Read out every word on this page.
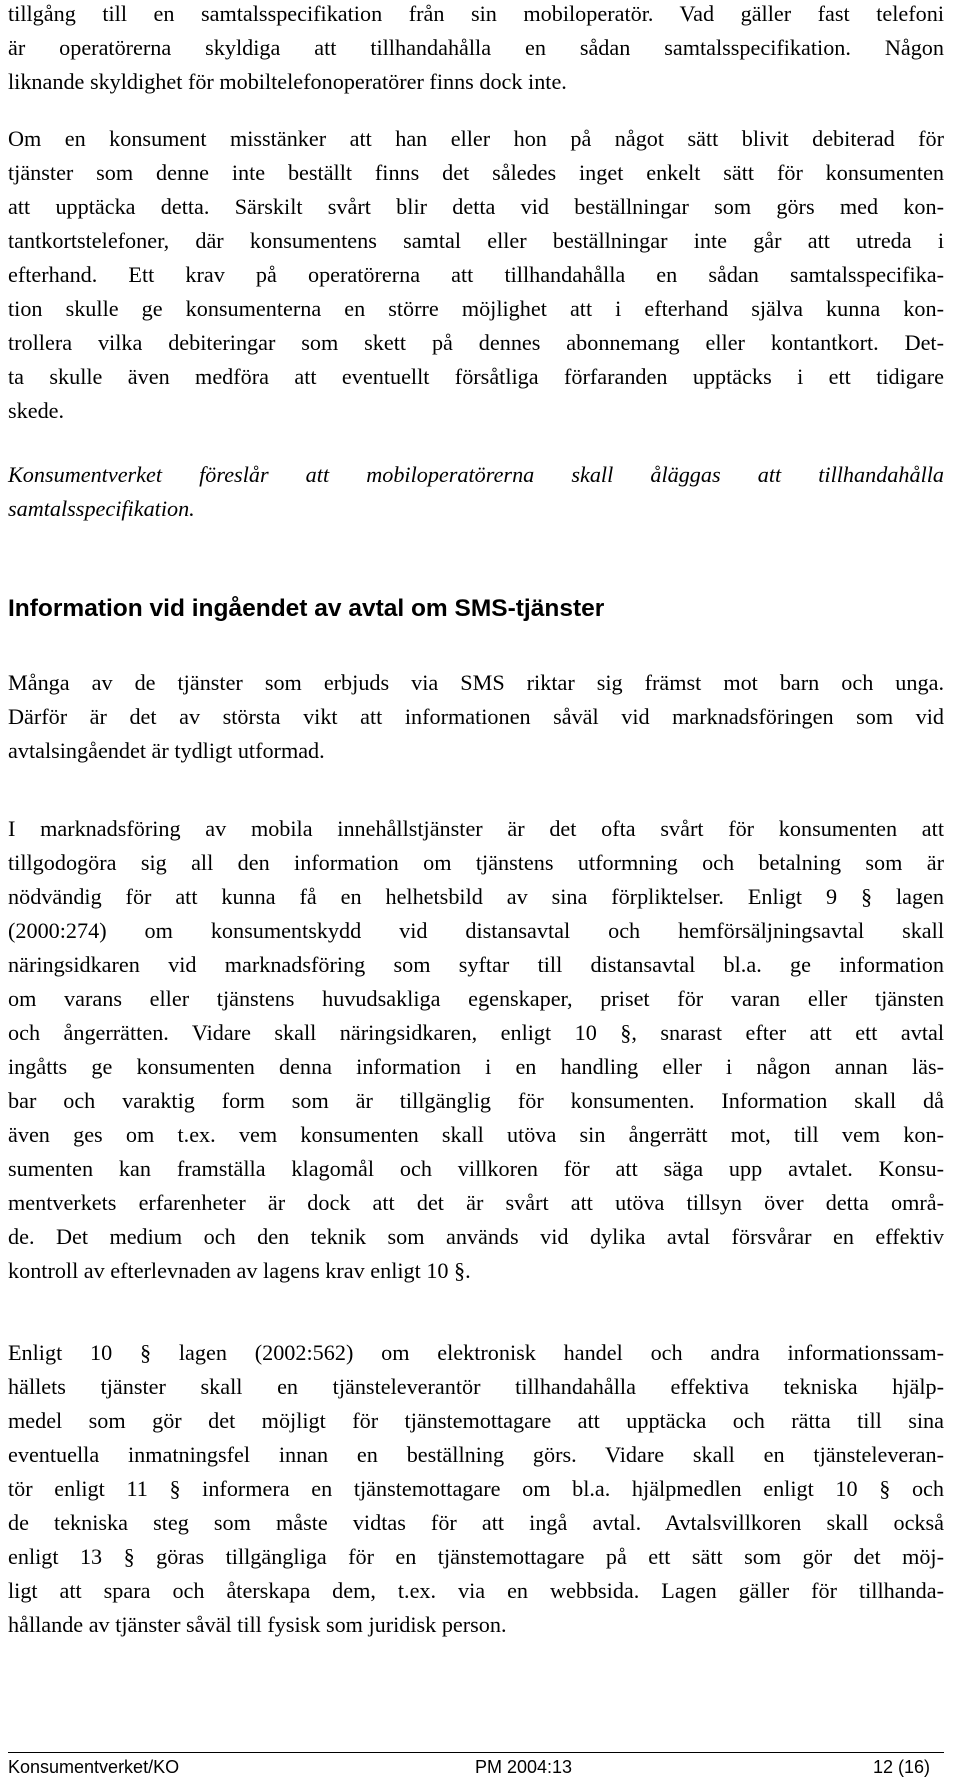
tillgång till en samtalsspecifikation från sin mobiloperatör. Vad gäller fast telefoni
är operatörerna skyldiga att tillhandahålla en sådan samtalsspecifikation. Någon
liknande skyldighet för mobiltelefonoperatörer finns dock inte.
Om en konsument misstänker att han eller hon på något sätt blivit debiterad för
tjänster som denne inte beställt finns det således inget enkelt sätt för konsumenten
att upptäcka detta. Särskilt svårt blir detta vid beställningar som görs med kon-
tantkortstelefoner, där konsumentens samtal eller beställningar inte går att utreda i
efterhand. Ett krav på operatörerna att tillhandahålla en sådan samtalsspecifika-
tion skulle ge konsumenterna en större möjlighet att i efterhand själva kunna kon-
trollera vilka debiteringar som skett på dennes abonnemang eller kontantkort. Det-
ta skulle även medföra att eventuellt försåtliga förfaranden upptäcks i ett tidigare
skede.
Konsumentverket föreslår att mobiloperatörerna skall åläggas att tillhandahålla
samtalsspecifikation.
Information vid ingåendet av avtal om SMS-tjänster
Många av de tjänster som erbjuds via SMS riktar sig främst mot barn och unga.
Därför är det av största vikt att informationen såväl vid marknadsföringen som vid
avtalsingåendet är tydligt utformad.
I marknadsföring av mobila innehållstjänster är det ofta svårt för konsumenten att
tillgodogöra sig all den information om tjänstens utformning och betalning som är
nödvändig för att kunna få en helhetsbild av sina förpliktelser. Enligt 9 § lagen
(2000:274) om konsumentskydd vid distansavtal och hemförsäljningsavtal skall
näringsidkaren vid marknadsföring som syftar till distansavtal bl.a. ge information
om varans eller tjänstens huvudsakliga egenskaper, priset för varan eller tjänsten
och ångerrätten. Vidare skall näringsidkaren, enligt 10 §, snarast efter att ett avtal
ingåtts ge konsumenten denna information i en handling eller i någon annan läs-
bar och varaktig form som är tillgänglig för konsumenten. Information skall då
även ges om t.ex. vem konsumenten skall utöva sin ångerrätt mot, till vem kon-
sumenten kan framställa klagomål och villkoren för att säga upp avtalet. Konsu-
mentverkets erfarenheter är dock att det är svårt att utöva tillsyn över detta områ-
de. Det medium och den teknik som används vid dylika avtal försvårar en effektiv
kontroll av efterlevnaden av lagens krav enligt 10 §.
Enligt 10 § lagen (2002:562) om elektronisk handel och andra informationssam-
hällets tjänster skall en tjänsteleverantör tillhandahålla effektiva tekniska hjälp-
medel som gör det möjligt för tjänstemottagare att upptäcka och rätta till sina
eventuella inmatningsfel innan en beställning görs. Vidare skall en tjänsteleveran-
tör enligt 11 § informera en tjänstemottagare om bl.a. hjälpmedlen enligt 10 § och
de tekniska steg som måste vidtas för att ingå avtal. Avtalsvillkoren skall också
enligt 13 § göras tillgängliga för en tjänstemottagare på ett sätt som gör det möj-
ligt att spara och återskapa dem, t.ex. via en webbsida. Lagen gäller för tillhanda-
hållande av tjänster såväl till fysisk som juridisk person.
Konsumentverket/KO	PM 2004:13	12 (16)
